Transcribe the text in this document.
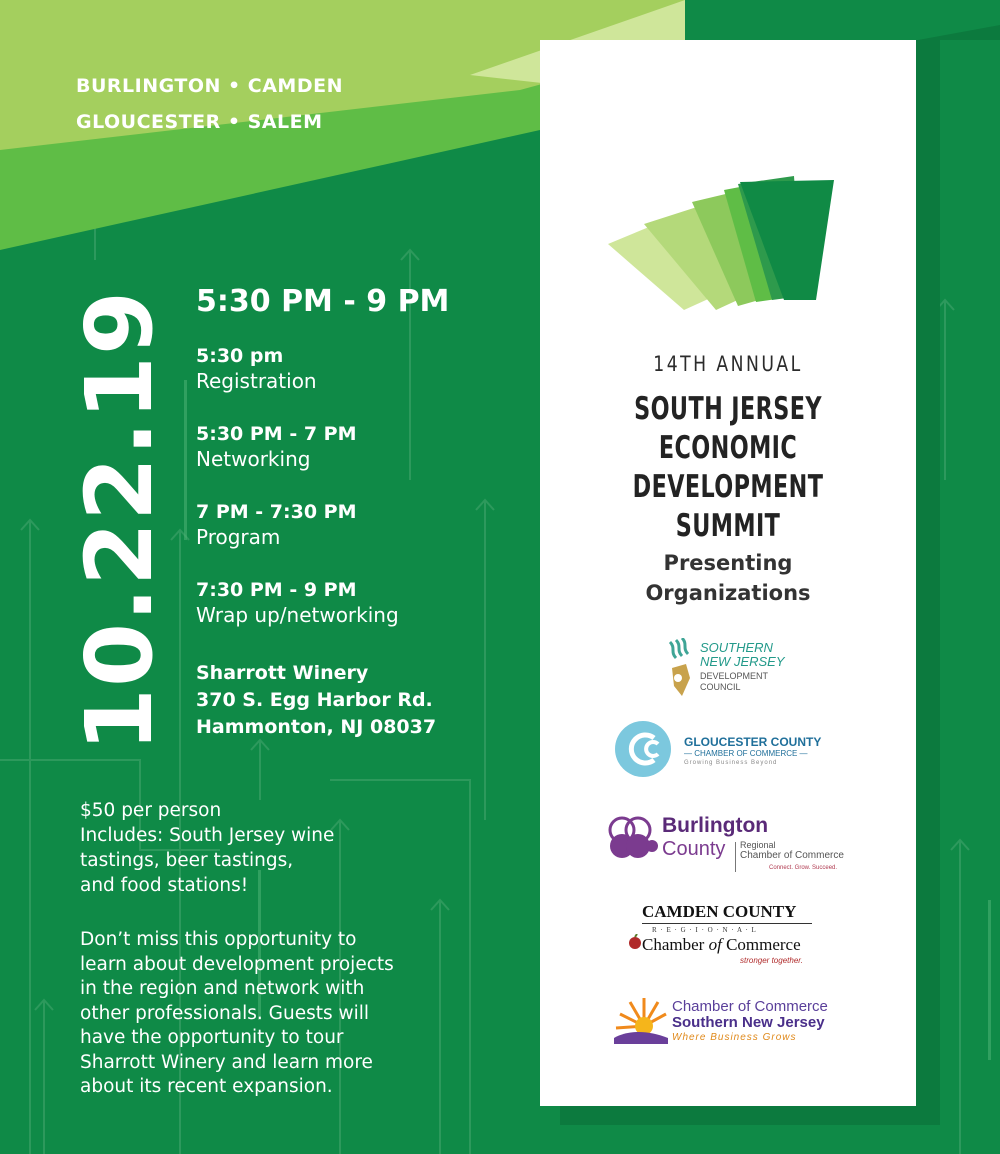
BURLINGTON • CAMDEN
GLOUCESTER • SALEM
10.22.19 5:30 PM - 9 PM
5:30 pm
Registration
5:30 PM - 7 PM
Networking
7 PM - 7:30 PM
Program
7:30 PM - 9 PM
Wrap up/networking
Sharrott Winery
370 S. Egg Harbor Rd.
Hammonton, NJ 08037
$50 per person
Includes: South Jersey wine
tastings, beer tastings,
and food stations!
Don’t miss this opportunity to
learn about development projects
in the region and network with
other professionals. Guests will
have the opportunity to tour
Sharrott Winery and learn more
about its recent expansion.
14TH ANNUAL
SOUTH JERSEY ECONOMIC
DEVELOPMENT SUMMIT
Presenting
Organizations
SOUTHERN
NEW JERSEY
DEVELOPMENT
COUNCIL
GLOUCESTER COUNTY
— CHAMBER OF COMMERCE —
Growing Business Beyond
Burlington
County Regional
Chamber of Commerce
Connect. Grow. Succeed.
CAMDEN COUNTY
R · E · G · I · O · N · A · L
Chamber of Commerce
stronger together.
Chamber of Commerce
Southern New Jersey
Where Business Grows
